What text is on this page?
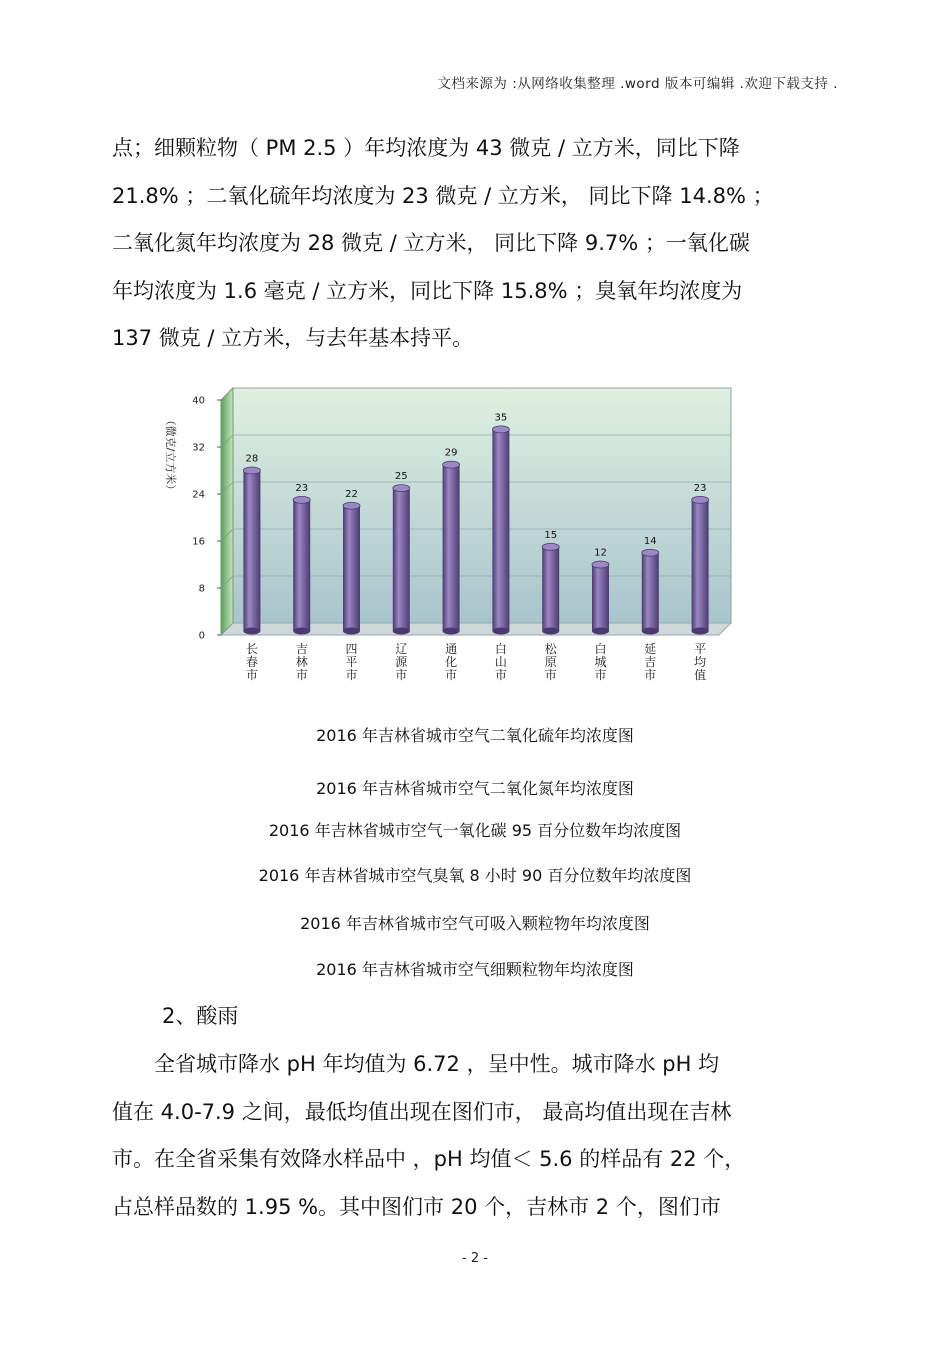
文档来源为 :从网络收集整理 .word 版本可编辑 .欢迎下载支持 .
点；细颗粒物（ PM 2.5 ）年均浓度为 43 微克 / 立方米，同比下降
21.8% ；二氧化硫年均浓度为 23 微克 / 立方米， 同比下降 14.8% ；
二氧化氮年均浓度为 28 微克 / 立方米， 同比下降 9.7% ；一氧化碳
年均浓度为 1.6 毫克 / 立方米，同比下降 15.8% ；臭氧年均浓度为
137 微克 / 立方米，与去年基本持平。
28
23
22
25
29
35
15
12
14
23
0
8
16
24
32
40
长春市
吉林市
四平市
辽源市
通化市
白山市
松原市
白城市
延吉市
平均值
（微克/立方米）
2016 年吉林省城市空气二氧化硫年均浓度图
2016 年吉林省城市空气二氧化氮年均浓度图
2016 年吉林省城市空气一氧化碳 95 百分位数年均浓度图
2016 年吉林省城市空气臭氧 8 小时 90 百分位数年均浓度图
2016 年吉林省城市空气可吸入颗粒物年均浓度图
2016 年吉林省城市空气细颗粒物年均浓度图
2、酸雨
　　全省城市降水 pH 年均值为 6.72 ，呈中性。城市降水 pH 均
值在 4.0-7.9 之间，最低均值出现在图们市， 最高均值出现在吉林
市。在全省采集有效降水样品中 ，pH 均值＜ 5.6 的样品有 22 个，
占总样品数的 1.95 %。其中图们市 20 个，吉林市 2 个，图们市
- 2 -
